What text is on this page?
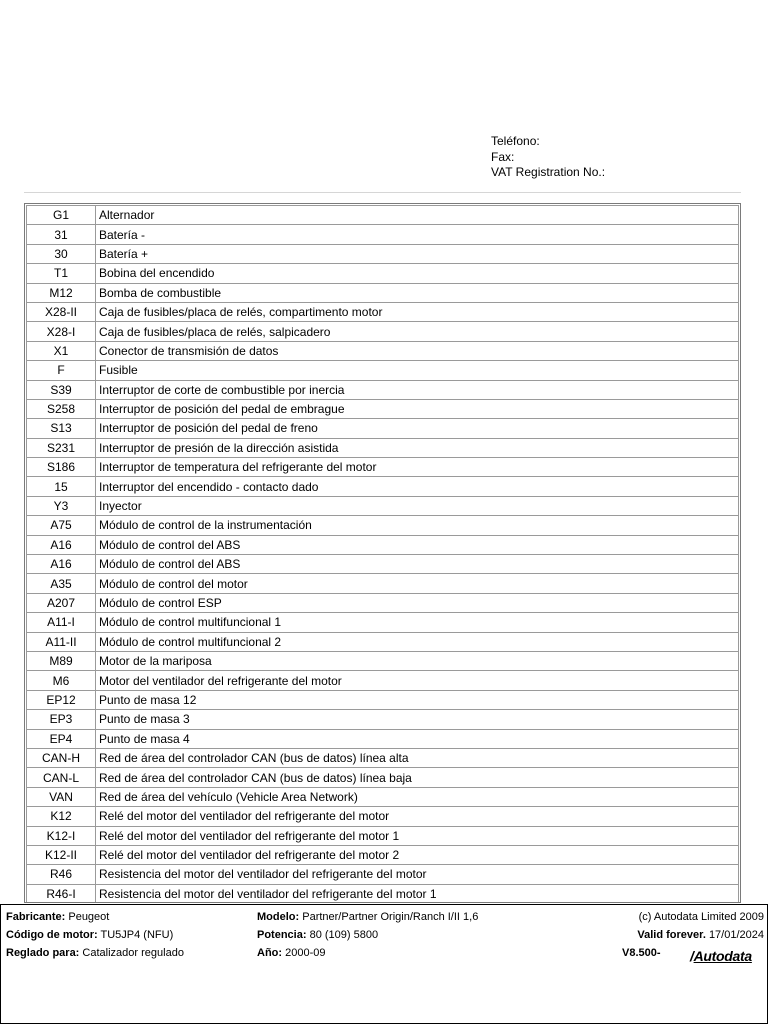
Teléfono:
Fax:
VAT Registration No.:
G1	Alternador
31	Batería -
30	Batería +
T1	Bobina del encendido
M12	Bomba de combustible
X28-II	Caja de fusibles/placa de relés, compartimento motor
X28-I	Caja de fusibles/placa de relés, salpicadero
X1	Conector de transmisión de datos
F	Fusible
S39	Interruptor de corte de combustible por inercia
S258	Interruptor de posición del pedal de embrague
S13	Interruptor de posición del pedal de freno
S231	Interruptor de presión de la dirección asistida
S186	Interruptor de temperatura del refrigerante del motor
15	Interruptor del encendido - contacto dado
Y3	Inyector
A75	Módulo de control de la instrumentación
A16	Módulo de control del ABS
A16	Módulo de control del ABS
A35	Módulo de control del motor
A207	Módulo de control ESP
A11-I	Módulo de control multifuncional 1
A11-II	Módulo de control multifuncional 2
M89	Motor de la mariposa
M6	Motor del ventilador del refrigerante del motor
EP12	Punto de masa 12
EP3	Punto de masa 3
EP4	Punto de masa 4
CAN-H	Red de área del controlador CAN (bus de datos) línea alta
CAN-L	Red de área del controlador CAN (bus de datos) línea baja
VAN	Red de área del vehículo (Vehicle Area Network)
K12	Relé del motor del ventilador del refrigerante del motor
K12-I	Relé del motor del ventilador del refrigerante del motor 1
K12-II	Relé del motor del ventilador del refrigerante del motor 2
R46	Resistencia del motor del ventilador del refrigerante del motor
R46-I	Resistencia del motor del ventilador del refrigerante del motor 1
Fabricante: Peugeot
Código de motor: TU5JP4 (NFU)
Reglado para: Catalizador regulado
Modelo: Partner/Partner Origin/Ranch I/II 1,6
Potencia: 80 (109) 5800
Año: 2000-09
(c) Autodata Limited 2009
Valid forever. 17/01/2024
V8.500- /Autodata
